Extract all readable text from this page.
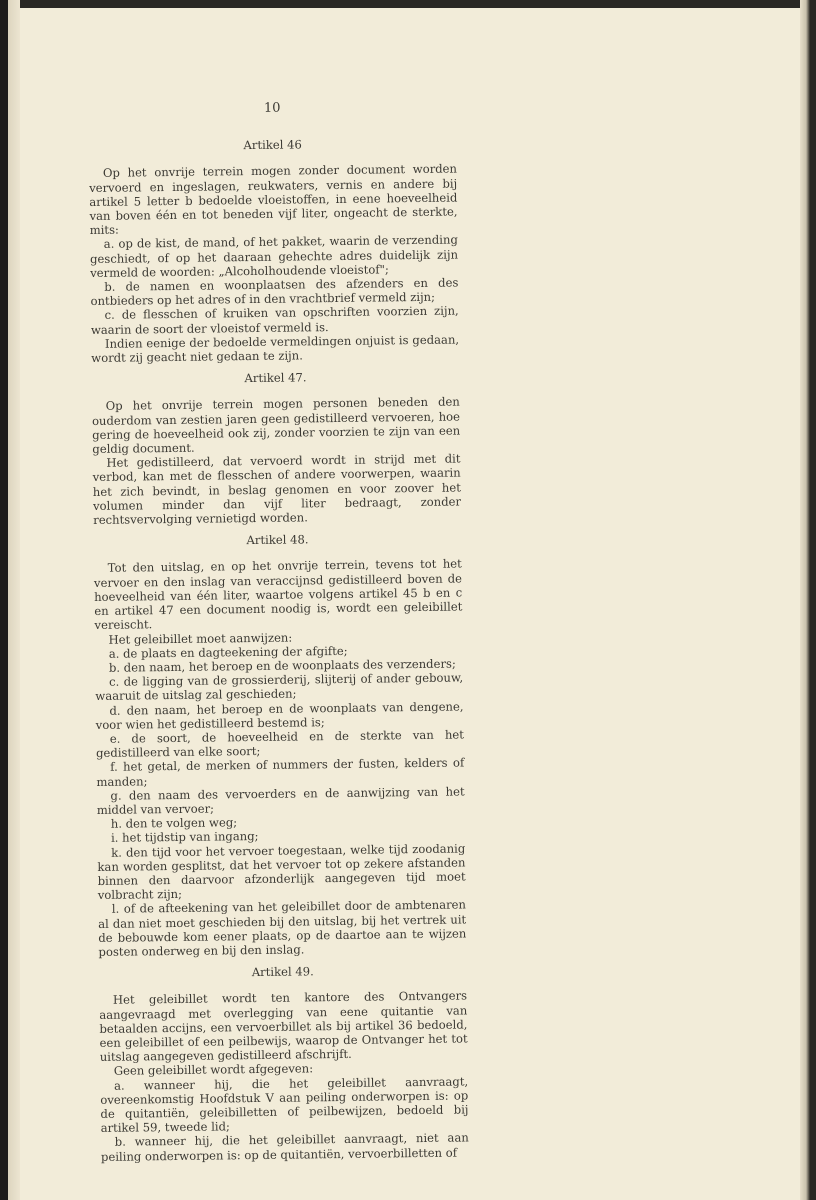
10
Artikel 46

Op het onvrije terrein mogen zonder document worden vervoerd en ingeslagen, reukwaters, vernis en andere bij artikel 5 letter b bedoelde vloeistoffen, in eene hoeveelheid van boven één en tot beneden vijf liter, ongeacht de sterkte, mits:

a. op de kist, de mand, of het pakket, waarin de verzending geschiedt, of op het daaraan gehechte adres duidelijk zijn vermeld de woorden: „Alcoholhoudende vloeistof";

b. de namen en woonplaatsen des afzenders en des ontbieders op het adres of in den vrachtbrief vermeld zijn;

c. de flesschen of kruiken van opschriften voorzien zijn, waarin de soort der vloeistof vermeld is.

Indien eenige der bedoelde vermeldingen onjuist is gedaan, wordt zij geacht niet gedaan te zijn.

Artikel 47.

Op het onvrije terrein mogen personen beneden den ouderdom van zestien jaren geen gedistilleerd vervoeren, hoe gering de hoeveelheid ook zij, zonder voorzien te zijn van een geldig document.

Het gedistilleerd, dat vervoerd wordt in strijd met dit verbod, kan met de flesschen of andere voorwerpen, waarin het zich bevindt, in beslag genomen en voor zoover het volumen minder dan vijf liter bedraagt, zonder rechtsvervolging vernietigd worden.

Artikel 48.

Tot den uitslag, en op het onvrije terrein, tevens tot het vervoer en den inslag van veraccijnsd gedistilleerd boven de hoeveelheid van één liter, waartoe volgens artikel 45 b en c en artikel 47 een document noodig is, wordt een geleibillet vereischt.

Het geleibillet moet aanwijzen:

a. de plaats en dagteekening der afgifte;

b. den naam, het beroep en de woonplaats des verzenders;

c. de ligging van de grossierderij, slijterij of ander gebouw, waaruit de uitslag zal geschieden;

d. den naam, het beroep en de woonplaats van dengene, voor wien het gedistilleerd bestemd is;

e. de soort, de hoeveelheid en de sterkte van het gedistilleerd van elke soort;

f. het getal, de merken of nummers der fusten, kelders of manden;

g. den naam des vervoerders en de aanwijzing van het middel van vervoer;

h. den te volgen weg;

i. het tijdstip van ingang;

k. den tijd voor het vervoer toegestaan, welke tijd zoodanig kan worden gesplitst, dat het vervoer tot op zekere afstanden binnen den daarvoor afzonderlijk aangegeven tijd moet volbracht zijn;

l. of de afteekening van het geleibillet door de ambtenaren al dan niet moet geschieden bij den uitslag, bij het vertrek uit de bebouwde kom eener plaats, op de daartoe aan te wijzen posten onderweg en bij den inslag.

Artikel 49.

Het geleibillet wordt ten kantore des Ontvangers aangevraagd met overlegging van eene quitantie van betaalden accijns, een vervoerbillet als bij artikel 36 bedoeld, een geleibillet of een peilbewijs, waarop de Ontvanger het tot uitslag aangegeven gedistilleerd afschrijft.

Geen geleibillet wordt afgegeven:

a. wanneer hij, die het geleibillet aanvraagt, overeenkomstig Hoofdstuk V aan peiling onderworpen is: op de quitantiën, geleibilletten of peilbewijzen, bedoeld bij artikel 59, tweede lid;

b. wanneer hij, die het geleibillet aanvraagt, niet aan peiling onderworpen is: op de quitantiën, vervoerbilletten of
